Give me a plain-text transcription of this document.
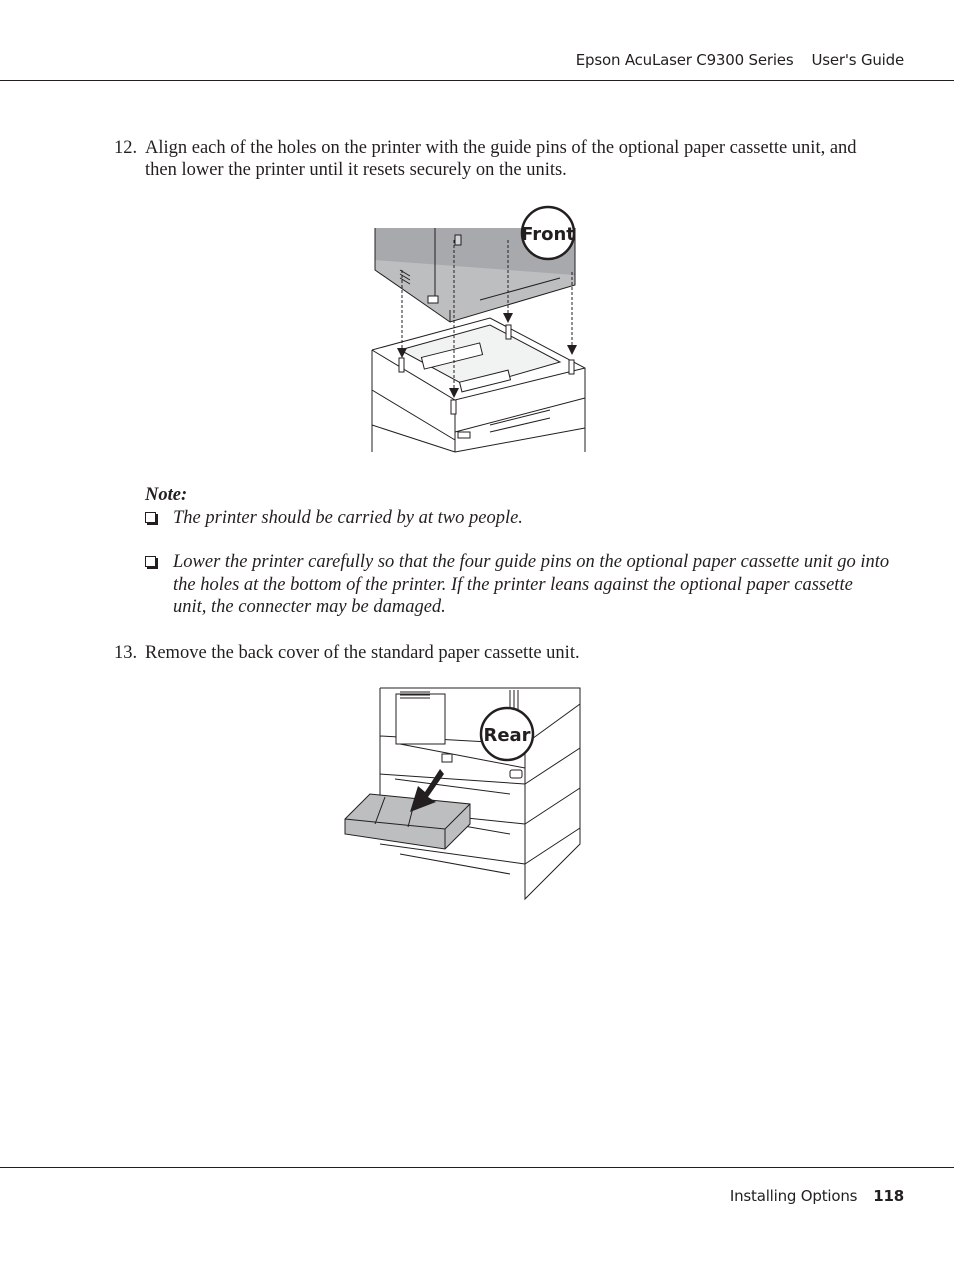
Epson AcuLaser C9300 Series User's Guide
12. Align each of the holes on the printer with the guide pins of the optional paper cassette unit, and then lower the printer until it resets securely on the units.
Front
Note:
The printer should be carried by at two people.
Lower the printer carefully so that the four guide pins on the optional paper cassette unit go into the holes at the bottom of the printer. If the printer leans against the optional paper cassette unit, the connecter may be damaged.
13. Remove the back cover of the standard paper cassette unit.
Rear
Installing Options 118
